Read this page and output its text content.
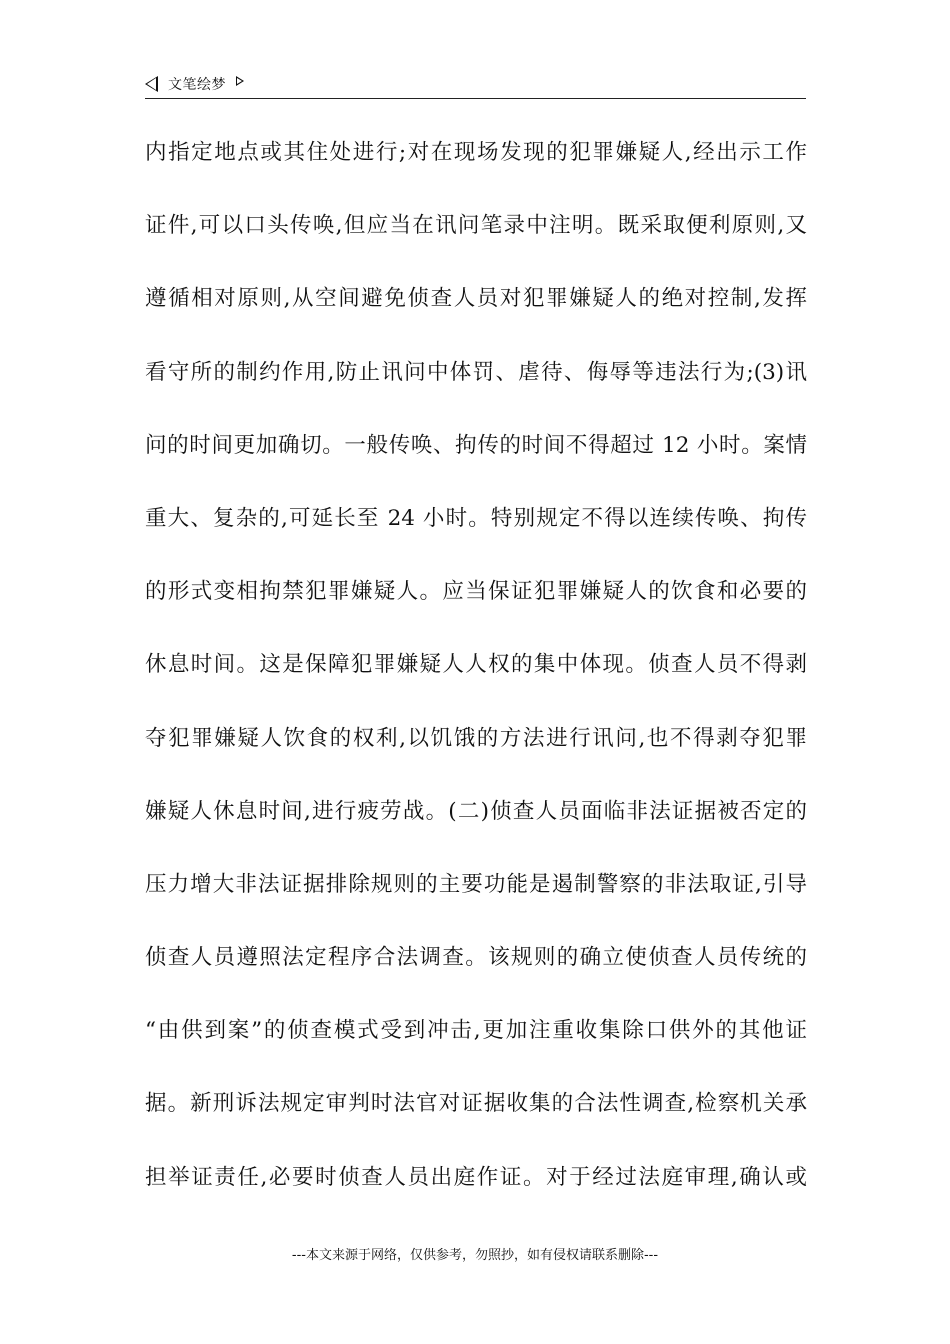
文笔绘梦
内指定地点或其住处进行;对在现场发现的犯罪嫌疑人,经出示工作
证件,可以口头传唤,但应当在讯问笔录中注明。既采取便利原则,又
遵循相对原则,从空间避免侦查人员对犯罪嫌疑人的绝对控制,发挥
看守所的制约作用,防止讯问中体罚、虐待、侮辱等违法行为;(3)讯
问的时间更加确切。一般传唤、拘传的时间不得超过 12 小时。案情
重大、复杂的,可延长至 24 小时。特别规定不得以连续传唤、拘传
的形式变相拘禁犯罪嫌疑人。应当保证犯罪嫌疑人的饮食和必要的
休息时间。这是保障犯罪嫌疑人人权的集中体现。侦查人员不得剥
夺犯罪嫌疑人饮食的权利,以饥饿的方法进行讯问,也不得剥夺犯罪
嫌疑人休息时间,进行疲劳战。(二)侦查人员面临非法证据被否定的
压力增大非法证据排除规则的主要功能是遏制警察的非法取证,引导
侦查人员遵照法定程序合法调查。该规则的确立使侦查人员传统的
“由供到案”的侦查模式受到冲击,更加注重收集除口供外的其他证
据。新刑诉法规定审判时法官对证据收集的合法性调查,检察机关承
担举证责任,必要时侦查人员出庭作证。对于经过法庭审理,确认或
---本文来源于网络，仅供参考，勿照抄，如有侵权请联系删除---
